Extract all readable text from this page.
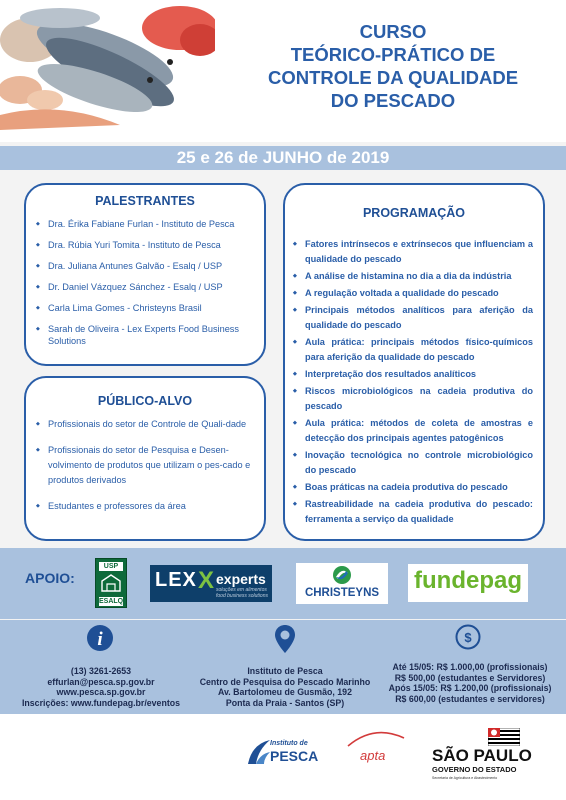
CURSO
TEÓRICO-PRÁTICO DE
CONTROLE DA QUALIDADE
DO PESCADO
25 e 26 de JUNHO de 2019
PALESTRANTES
◆ Dra. Érika Fabiane Furlan - Instituto de Pesca
◆ Dra. Rúbia Yuri Tomita - Instituto de Pesca
◆ Dra. Juliana Antunes Galvão - Esalq / USP
◆ Dr. Daniel Vázquez Sánchez - Esalq / USP
◆ Carla Lima Gomes - Christeyns Brasil
◆ Sarah de Oliveira - Lex Experts Food Business Solutions
PÚBLICO-ALVO
◆ Profissionais do setor de Controle de Quali-dade
◆ Profissionais do setor de Pesquisa e Desen-volvimento de produtos que utilizam o pes-cado e produtos derivados
◆ Estudantes e professores da área
PROGRAMAÇÃO
◆ Fatores intrínsecos e extrínsecos que influenciam a qualidade do pescado
◆ A análise de histamina no dia a dia da indústria
◆ A regulação voltada a qualidade do pescado
◆ Principais métodos analíticos para aferição da qualidade do pescado
◆ Aula prática: principais métodos físico-químicos para aferição da qualidade do pescado
◆ Interpretação dos resultados analíticos
◆ Riscos microbiológicos na cadeia produtiva do pescado
◆ Aula prática: métodos de coleta de amostras e detecção dos principais agentes patogênicos
◆ Inovação tecnológica no controle microbiológico do pescado
◆ Boas práticas na cadeia produtiva do pescado
◆ Rastreabilidade na cadeia produtiva do pescado: ferramenta a serviço da qualidade
APOIO:
USP
ESALQ
LEX X experts
soluções em alimentos
food business solutions	CHRISTEYNS	fundepag
i	$
(13) 3261-2653
effurlan@pesca.sp.gov.br
www.pesca.sp.gov.br
Inscrições: www.fundepag.br/eventos
Instituto de Pesca
Centro de Pesquisa do Pescado Marinho
Av. Bartolomeu de Gusmão, 192
Ponta da Praia - Santos (SP)
Até 15/05: R$ 1.000,00 (profissionais)
R$ 500,00 (estudantes e Servidores)
Após 15/05: R$ 1.200,00 (profissionais)
R$ 600,00 (estudantes e servidores)
Instituto de
PESCA	apta	SÃO PAULO
GOVERNO DO ESTADO
Secretaria de Agricultura e Abastecimento
